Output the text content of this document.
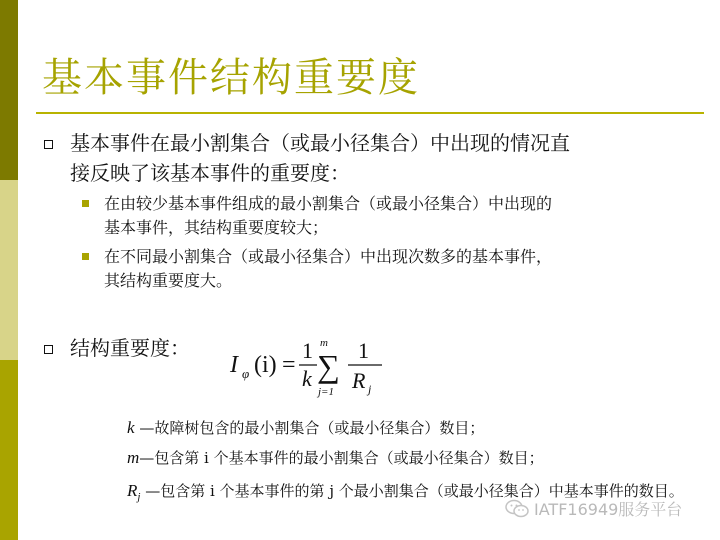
基本事件结构重要度
基本事件在最小割集合（或最小径集合）中出现的情况直
接反映了该基本事件的重要度：
在由较少基本事件组成的最小割集合（或最小径集合）中出现的
基本事件，其结构重要度较大；
在不同最小割集合（或最小径集合）中出现次数多的基本事件，
其结构重要度大。
结构重要度：
I φ (i) =
1
k
m
∑
j=1
1
R j
k —故障树包含的最小割集合（或最小径集合）数目；
m—包含第 i 个基本事件的最小割集合（或最小径集合）数目；
$R_j$ —包含第 i 个基本事件的第 j 个最小割集合（或最小径集合）中基本事件的数目。
IATF16949服务平台
